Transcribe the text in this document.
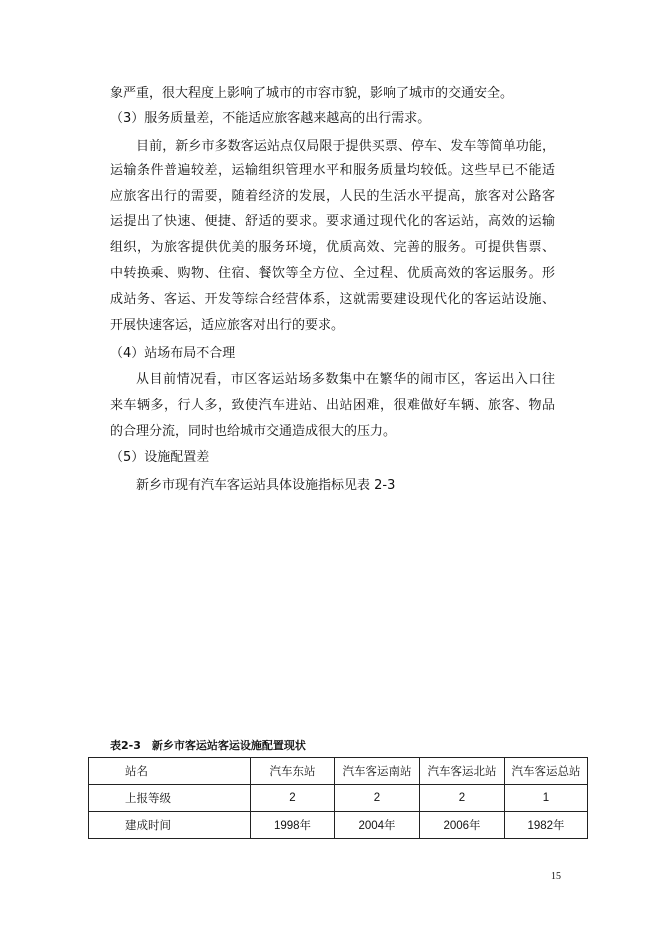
象严重，很大程度上影响了城市的市容市貌，影响了城市的交通安全。
（3）服务质量差，不能适应旅客越来越高的出行需求。
目前，新乡市多数客运站点仅局限于提供买票、停车、发车等简单功能，
运输条件普遍较差，运输组织管理水平和服务质量均较低。这些早已不能适
应旅客出行的需要，随着经济的发展，人民的生活水平提高，旅客对公路客
运提出了快速、便捷、舒适的要求。要求通过现代化的客运站，高效的运输
组织，为旅客提供优美的服务环境，优质高效、完善的服务。可提供售票、
中转换乘、购物、住宿、餐饮等全方位、全过程、优质高效的客运服务。形
成站务、客运、开发等综合经营体系，这就需要建设现代化的客运站设施、
开展快速客运，适应旅客对出行的要求。
（4）站场布局不合理
从目前情况看，市区客运站场多数集中在繁华的闹市区，客运出入口往
来车辆多，行人多，致使汽车进站、出站困难，很难做好车辆、旅客、物品
的合理分流，同时也给城市交通造成很大的压力。
（5）设施配置差
新乡市现有汽车客运站具体设施指标见表 2-3
表2-3　新乡市客运站客运设施配置现状
站名	汽车东站	汽车客运南站	汽车客运北站	汽车客运总站
上报等级	2	2	2	1
建成时间	1998年	2004年	2006年	1982年
15
